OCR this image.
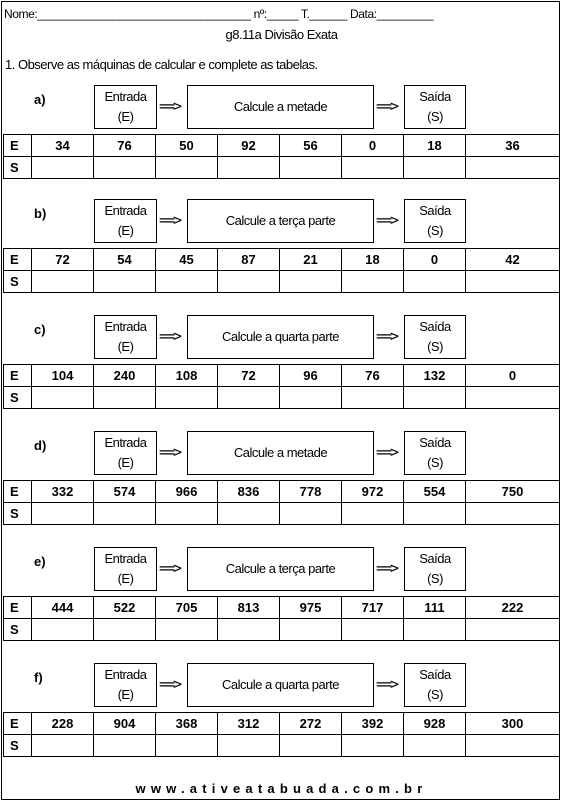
Nome:__________________________________ nº:_____ T.______ Data:_________
g8.11a Divisão Exata
1. Observe as máquinas de calcular e complete as tabelas.
a)	Entrada
(E)
==>	Calcule a metade	==>
Saída
(S)
E	34	76	50	92	56	0	18	36
S								
b)	Entrada
(E)
==>	Calcule a terça parte	==>
Saída
(S)
E	72	54	45	87	21	18	0	42
S								
c)	Entrada
(E)
==>	Calcule a quarta parte ==>
Saída
(S)
E	104	240	108	72	96	76	132	0
S								
d)	Entrada
(E)
==>	Calcule a metade	==>
Saída
(S)
E	332	574	966	836	778	972	554	750
S								
e)	Entrada
(E)
==>	Calcule a terça parte	==>
Saída
(S)
E	444	522	705	813	975	717	111	222
S								
f)	Entrada
(E)
==>	Calcule a quarta parte ==>
Saída
(S)
E	228	904	368	312	272	392	928	300
S								
www.ativeatabuada.com.br
